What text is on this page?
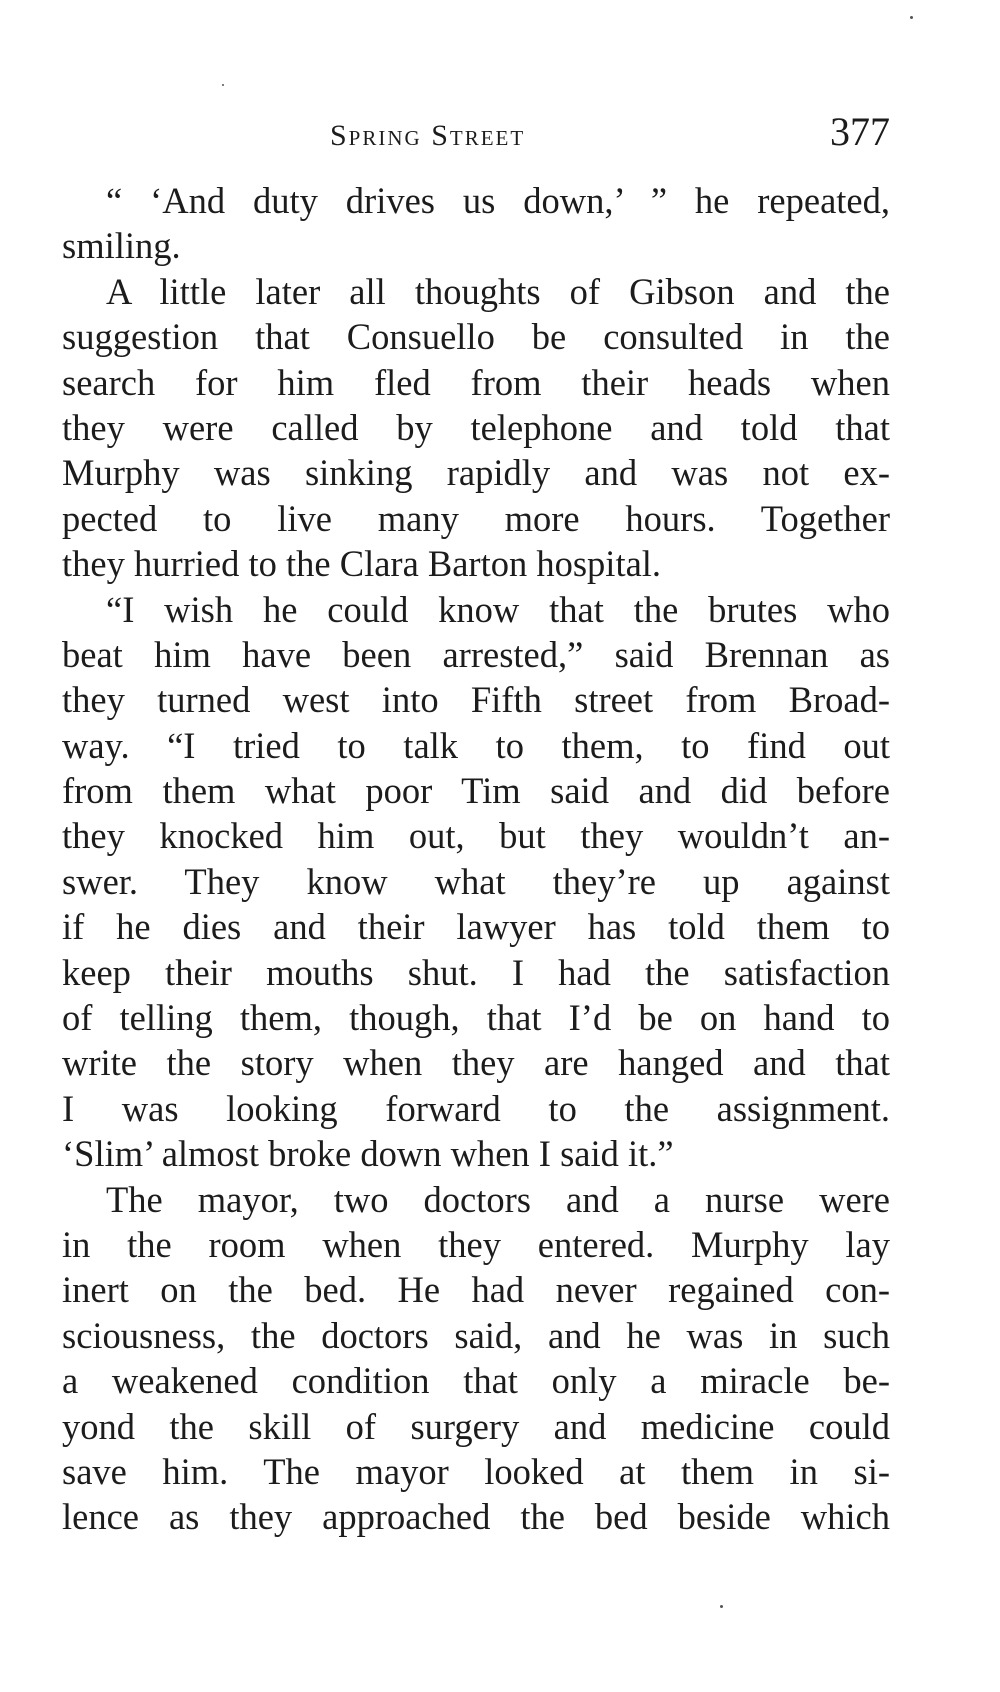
Spring Street	377
“ ‘And duty drives us down,’ ” he repeated,
smiling.
A little later all thoughts of Gibson and the
suggestion that Consuello be consulted in the
search for him fled from their heads when
they were called by telephone and told that
Murphy was sinking rapidly and was not ex-
pected to live many more hours. Together
they hurried to the Clara Barton hospital.
“I wish he could know that the brutes who
beat him have been arrested,” said Brennan as
they turned west into Fifth street from Broad-
way. “I tried to talk to them, to find out
from them what poor Tim said and did before
they knocked him out, but they wouldn’t an-
swer. They know what they’re up against
if he dies and their lawyer has told them to
keep their mouths shut. I had the satisfaction
of telling them, though, that I’d be on hand to
write the story when they are hanged and that
I was looking forward to the assignment.
‘Slim’ almost broke down when I said it.”
The mayor, two doctors and a nurse were
in the room when they entered. Murphy lay
inert on the bed. He had never regained con-
sciousness, the doctors said, and he was in such
a weakened condition that only a miracle be-
yond the skill of surgery and medicine could
save him. The mayor looked at them in si-
lence as they approached the bed beside which
